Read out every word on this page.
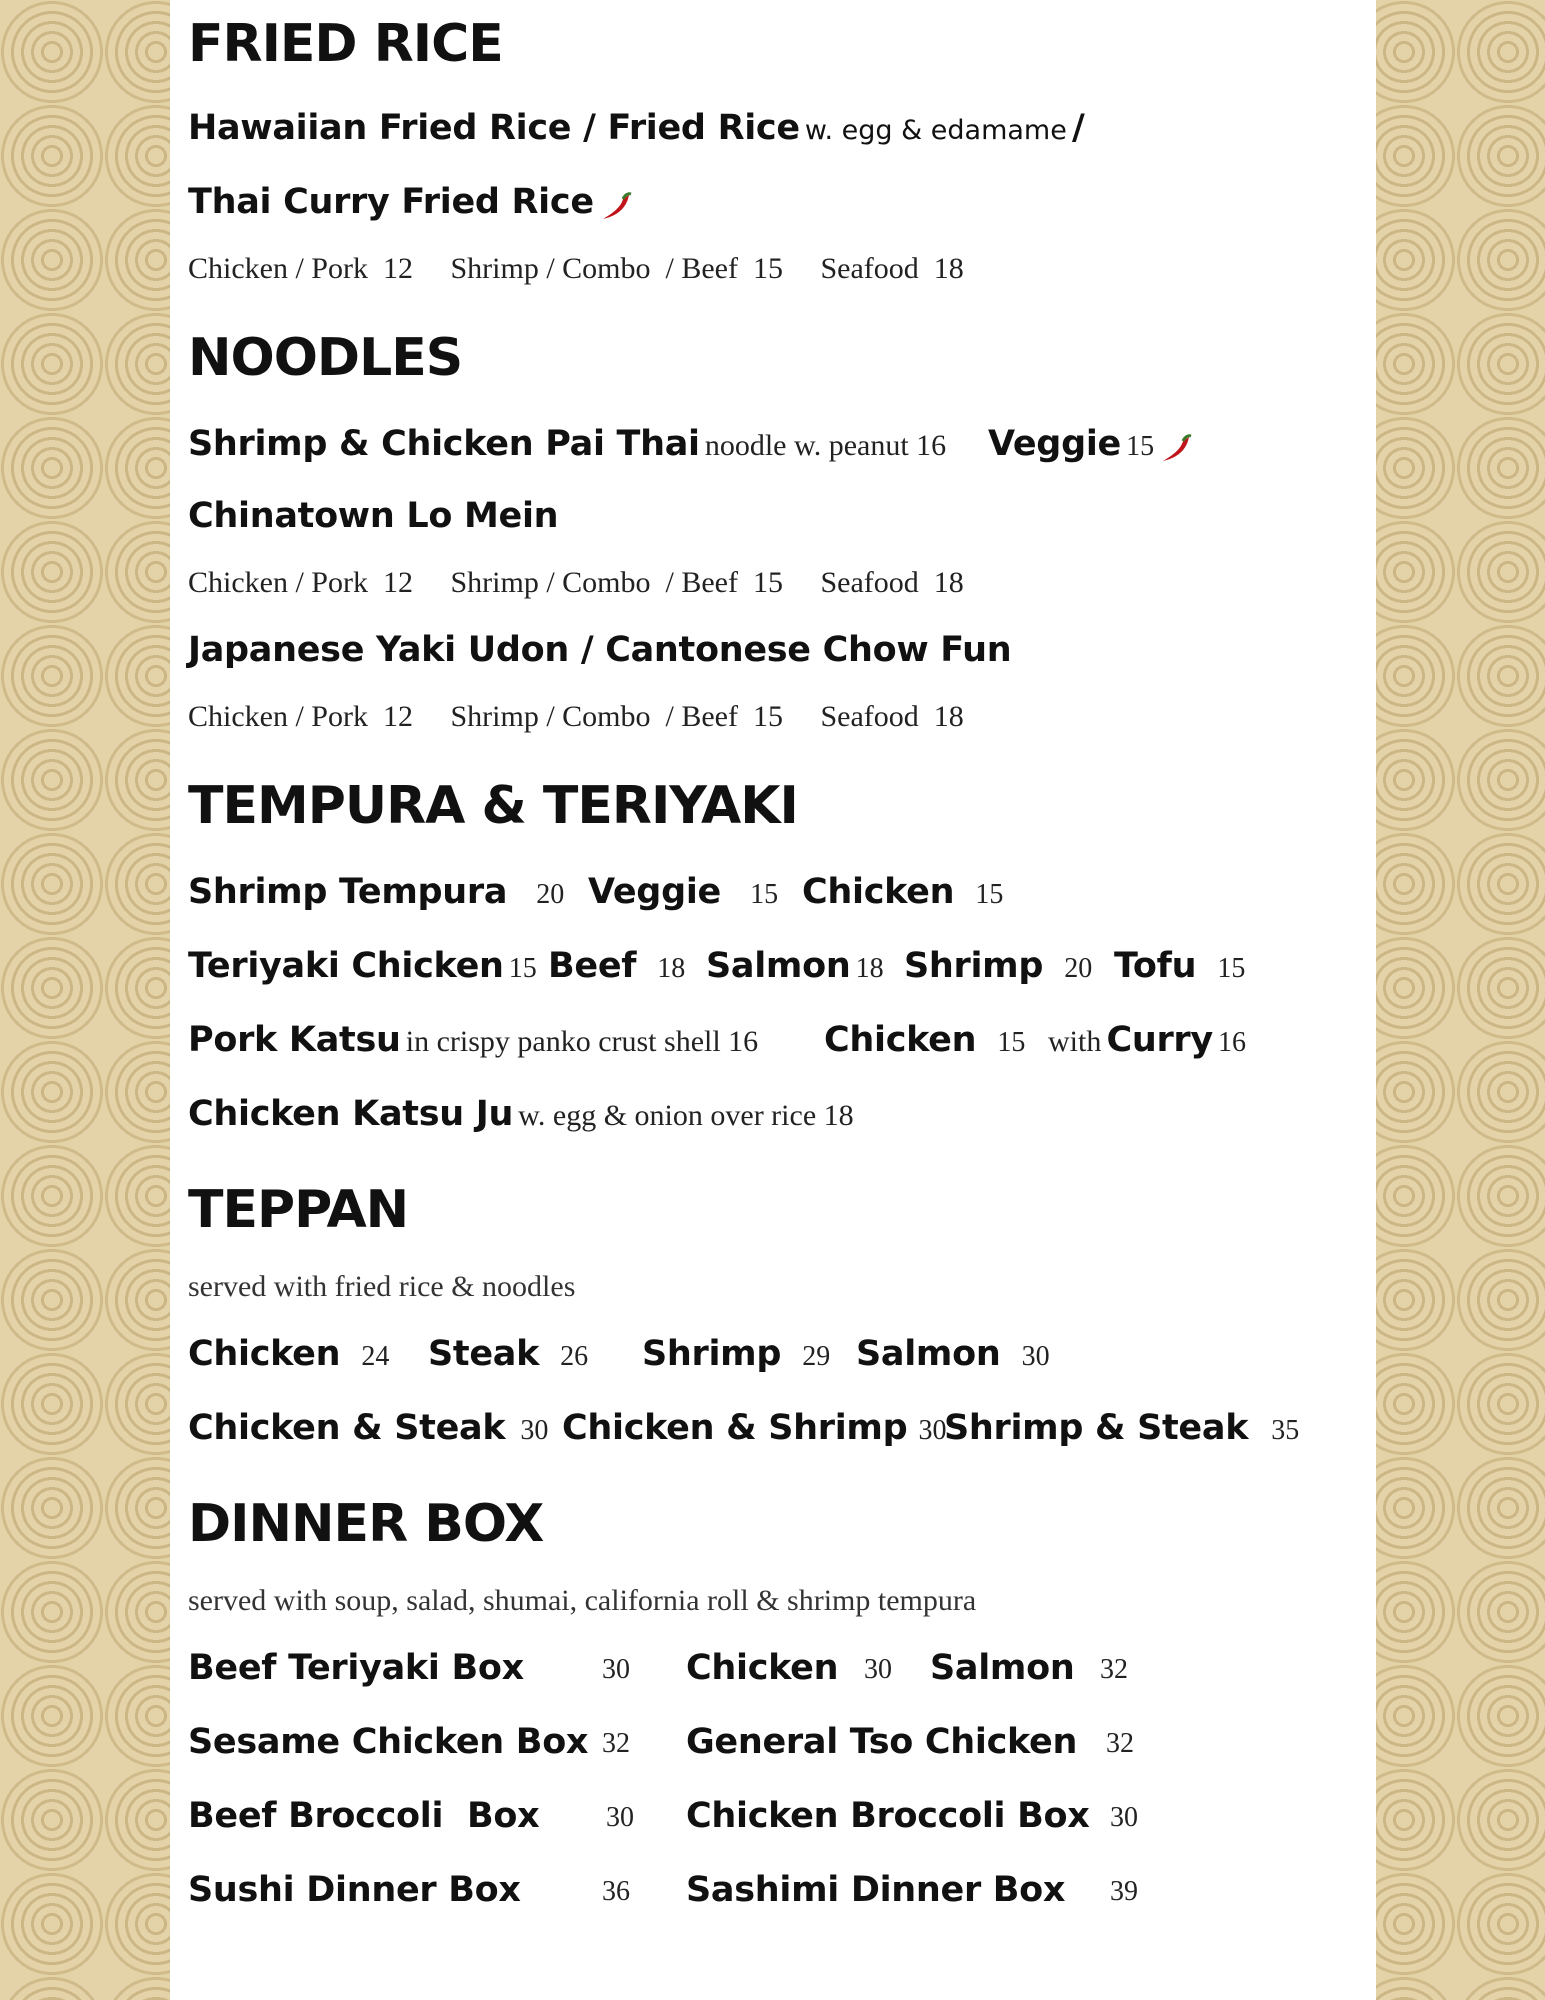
FRIED RICE
Hawaiian Fried Rice / Fried Rice w. egg & edamame /
Thai Curry Fried Rice
Chicken / Pork  12     Shrimp / Combo  / Beef  15     Seafood  18
NOODLES
Shrimp & Chicken Pai Thai noodle w. peanut 16 Veggie 15
Chinatown Lo Mein
Chicken / Pork  12     Shrimp / Combo  / Beef  15     Seafood  18
Japanese Yaki Udon / Cantonese Chow Fun
Chicken / Pork  12     Shrimp / Combo  / Beef  15     Seafood  18
TEMPURA & TERIYAKI
Shrimp Tempura 20 Veggie 15 Chicken 15
Teriyaki Chicken 15 Beef 18 Salmon 18 Shrimp 20 Tofu 15
Pork Katsu in crispy panko crust shell 16 Chicken 15 with Curry 16
Chicken Katsu Ju w. egg & onion over rice 18
TEPPAN
served with fried rice & noodles
Chicken 24 Steak 26 Shrimp 29 Salmon 30
Chicken & Steak 30 Chicken & Shrimp 30
Shrimp & Steak 35
DINNER BOX
served with soup, salad, shumai, california roll & shrimp tempura
Beef Teriyaki Box	30 Chicken 30 Salmon 32
Sesame Chicken Box 32 General Tso Chicken 32
Beef Broccoli  Box 30 Chicken Broccoli Box 30
Sushi Dinner Box	36 Sashimi Dinner Box 39
